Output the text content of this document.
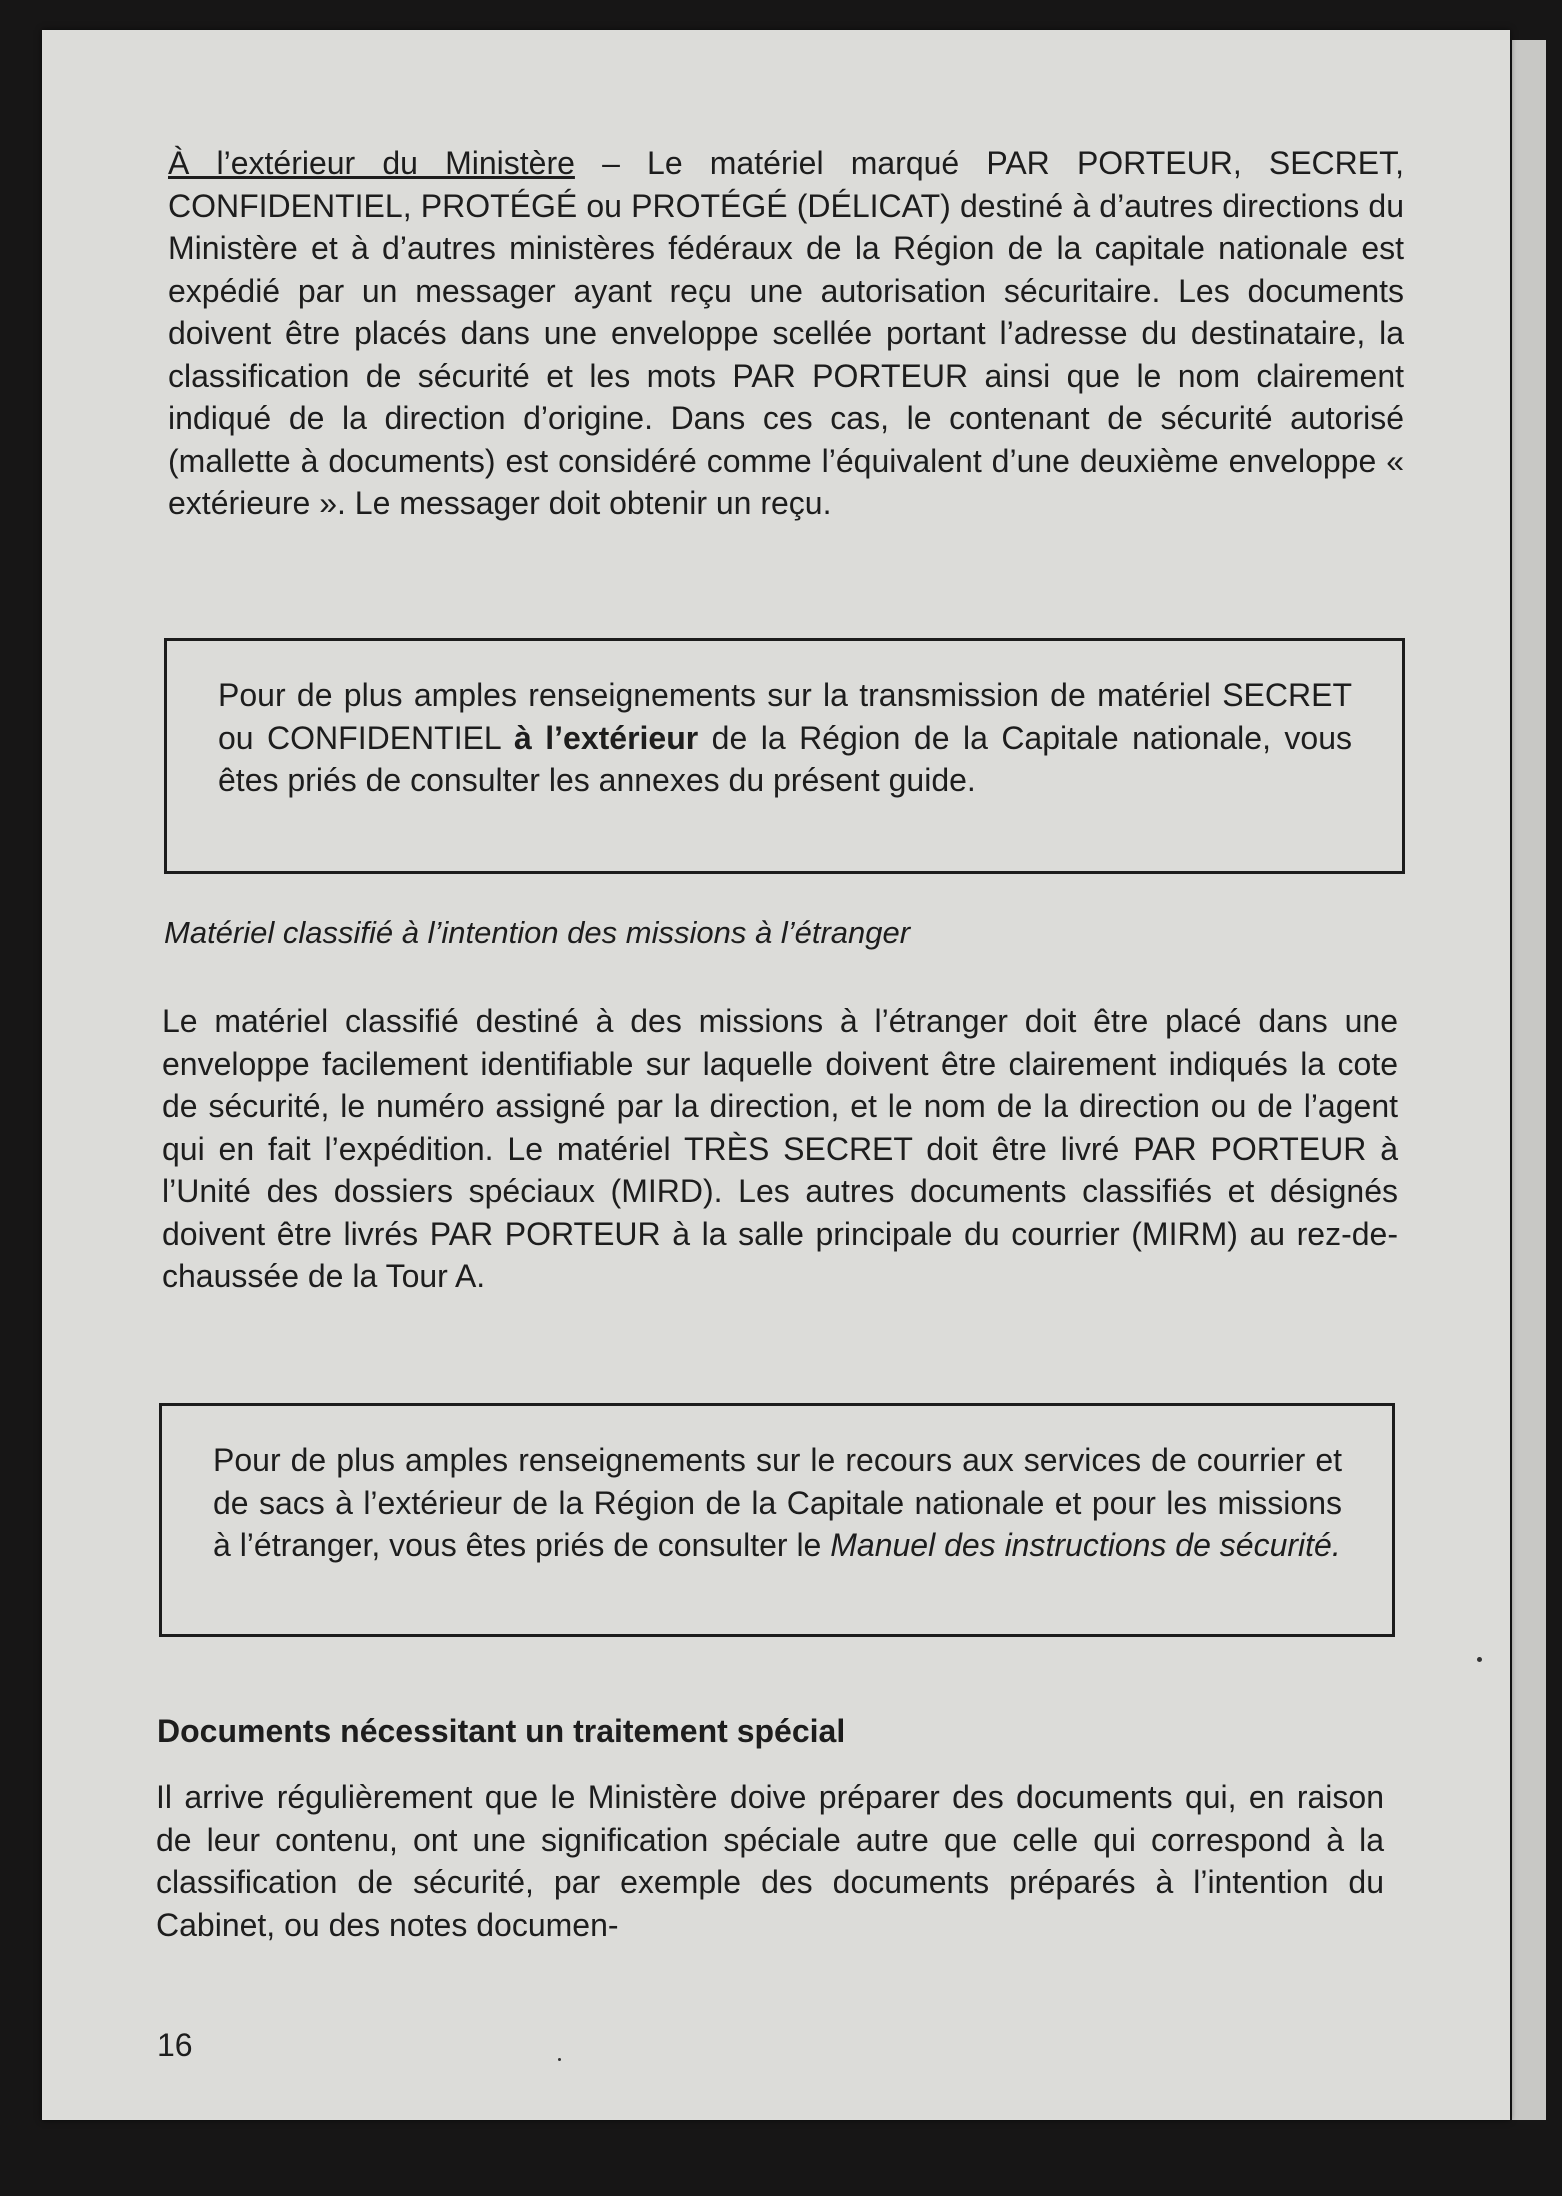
À l’extérieur du Ministère – Le matériel marqué PAR PORTEUR, SECRET, CONFIDENTIEL, PROTÉGÉ ou PROTÉGÉ (DÉLICAT) destiné à d’autres directions du Ministère et à d’autres ministères fédéraux de la Région de la capitale nationale est expédié par un messager ayant reçu une autorisation sécuritaire. Les documents doivent être placés dans une enveloppe scellée portant l’adresse du destinataire, la classification de sécurité et les mots PAR PORTEUR ainsi que le nom clairement indiqué de la direction d’origine. Dans ces cas, le contenant de sécurité autorisé (mallette à documents) est considéré comme l’équivalent d’une deuxième enveloppe « extérieure ». Le messager doit obtenir un reçu.
Pour de plus amples renseignements sur la transmission de matériel SECRET ou CONFIDENTIEL à l’extérieur de la Région de la Capitale nationale, vous êtes priés de consulter les annexes du présent guide.
Matériel classifié à l’intention des missions à l’étranger
Le matériel classifié destiné à des missions à l’étranger doit être placé dans une enveloppe facilement identifiable sur laquelle doivent être clairement indiqués la cote de sécurité, le numéro assigné par la direction, et le nom de la direction ou de l’agent qui en fait l’expédition. Le matériel TRÈS SECRET doit être livré PAR PORTEUR à l’Unité des dossiers spéciaux (MIRD). Les autres documents classifiés et désignés doivent être livrés PAR PORTEUR à la salle principale du courrier (MIRM) au rez-de-chaussée de la Tour A.
Pour de plus amples renseignements sur le recours aux services de courrier et de sacs à l’extérieur de la Région de la Capitale nationale et pour les missions à l’étranger, vous êtes priés de consulter le Manuel des instructions de sécurité.
Documents nécessitant un traitement spécial
Il arrive régulièrement que le Ministère doive préparer des documents qui, en raison de leur contenu, ont une signification spéciale autre que celle qui correspond à la classification de sécurité, par exemple des documents préparés à l’intention du Cabinet, ou des notes documen-
16
